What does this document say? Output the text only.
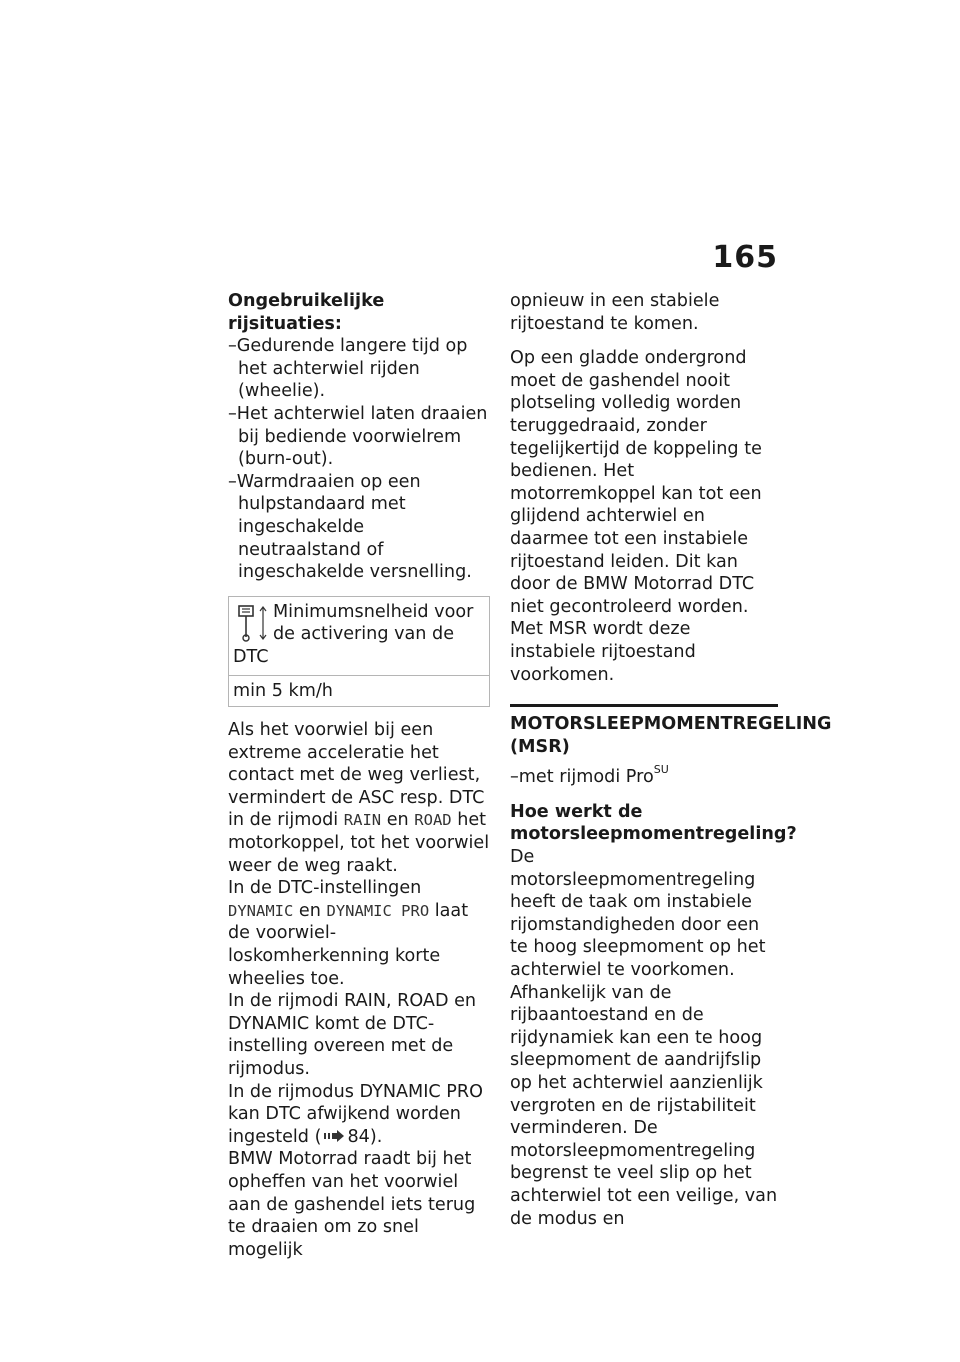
165

Ongebruikelijke rijsituaties:

–Gedurende langere tijd op het achterwiel rijden (wheelie).
–Het achterwiel laten draaien bij bediende voorwielrem (burn-out).
–Warmdraaien op een hulpstandaard met ingeschakelde neutraalstand of ingeschakelde versnelling.
Minimumsnelheid voor de activering van de
DTC
min 5 km/h

Als het voorwiel bij een extreme acceleratie het contact met de weg verliest, vermindert de ASC resp. DTC in de rijmodi RAIN en ROAD het motorkoppel, tot het voorwiel weer de weg raakt.

In de DTC-instellingen
DYNAMIC en DYNAMIC PRO laat de voorwiel-loskomherkenning korte wheelies toe.

In de rijmodi RAIN, ROAD en DYNAMIC komt de DTC-instelling overeen met de rijmodus.

In de rijmodus DYNAMIC PRO kan DTC afwijkend worden ingesteld ( 84).

BMW Motorrad raadt bij het opheffen van het voorwiel aan de gashendel iets terug te draaien om zo snel mogelijk

opnieuw in een stabiele rijtoestand te komen.

Op een gladde ondergrond moet de gashendel nooit plotseling volledig worden teruggedraaid, zonder tegelijkertijd de koppeling te bedienen. Het motorremkoppel kan tot een glijdend achterwiel en daarmee tot een instabiele rijtoestand leiden. Dit kan door de BMW Motorrad DTC niet gecontroleerd worden. Met MSR wordt deze instabiele rijtoestand voorkomen.

MOTORSLEEPMOMENTREGELING (MSR)

–met rijmodi Pro$^{SU}$

Hoe werkt de motorsleepmomentregeling?

De motorsleepmomentregeling heeft de taak om instabiele rijomstandigheden door een te hoog sleepmoment op het achterwiel te voorkomen. Afhankelijk van de rijbaantoestand en de rijdynamiek kan een te hoog sleepmoment de aandrijfslip op het achterwiel aanzienlijk vergroten en de rijstabiliteit verminderen. De motorsleepmomentregeling begrenst te veel slip op het achterwiel tot een veilige, van de modus en
